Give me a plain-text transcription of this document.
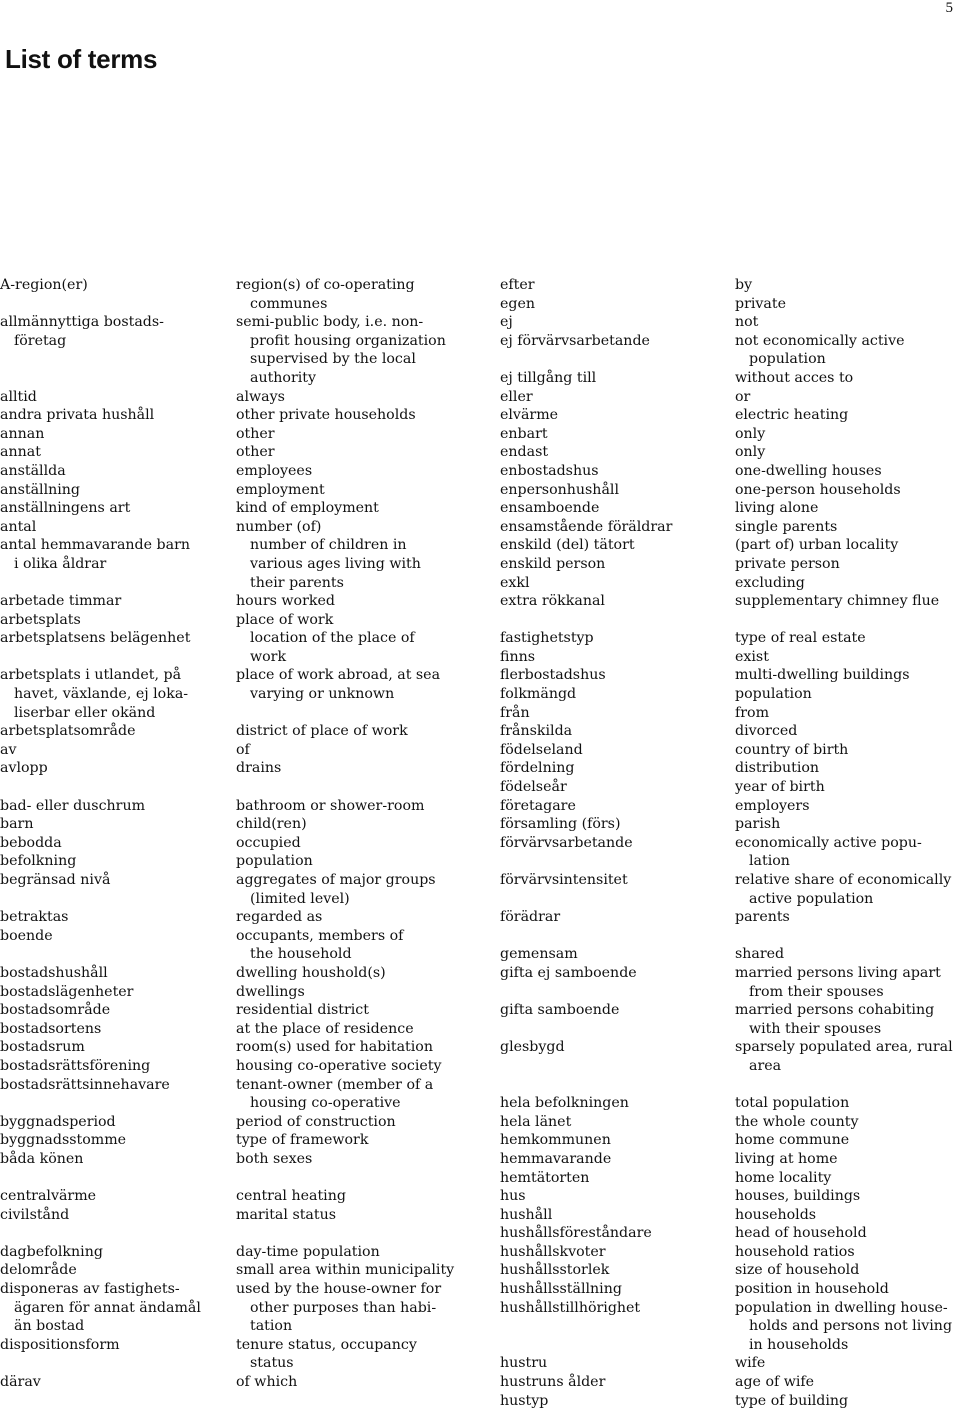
5
List of terms
A-region(er)
allmännyttiga bostads-
företag
alltid
andra privata hushåll
annan
annat
anställda
anställning
anställningens art
antal
antal hemmavarande barn
i olika åldrar
arbetade timmar
arbetsplats
arbetsplatsens belägenhet
arbetsplats i utlandet, på
havet, växlande, ej loka-
liserbar eller okänd
arbetsplatsområde
av
avlopp
bad- eller duschrum
barn
bebodda
befolkning
begränsad nivå
betraktas
boende
bostadshushåll
bostadslägenheter
bostadsområde
bostadsortens
bostadsrum
bostadsrättsförening
bostadsrättsinnehavare
byggnadsperiod
byggnadsstomme
båda könen
centralvärme
civilstånd
dagbefolkning
delområde
disponeras av fastighets-
ägaren för annat ändamål
än bostad
dispositionsform
därav
region(s) of co-operating
communes
semi-public body, i.e. non-
profit housing organization
supervised by the local
authority
always
other private households
other
other
employees
employment
kind of employment
number (of)
number of children in
various ages living with
their parents
hours worked
place of work
location of the place of
work
place of work abroad, at sea
varying or unknown
district of place of work
of
drains
bathroom or shower-room
child(ren)
occupied
population
aggregates of major groups
(limited level)
regarded as
occupants, members of
the household
dwelling houshold(s)
dwellings
residential district
at the place of residence
room(s) used for habitation
housing co-operative society
tenant-owner (member of a
housing co-operative
period of construction
type of framework
both sexes
central heating
marital status
day-time population
small area within municipality
used by the house-owner for
other purposes than habi-
tation
tenure status, occupancy
status
of which
efter
egen
ej
ej förvärvsarbetande
ej tillgång till
eller
elvärme
enbart
endast
enbostadshus
enpersonhushåll
ensamboende
ensamstående föräldrar
enskild (del) tätort
enskild person
exkl
extra rökkanal
fastighetstyp
finns
flerbostadshus
folkmängd
från
frånskilda
födelseland
fördelning
födelseår
företagare
församling (förs)
förvärvsarbetande
förvärvsintensitet
förädrar
gemensam
gifta ej samboende
gifta samboende
glesbygd
hela befolkningen
hela länet
hemkommunen
hemmavarande
hemtätorten
hus
hushåll
hushållsföreståndare
hushållskvoter
hushållsstorlek
hushållsställning
hushållstillhörighet
hustru
hustruns ålder
hustyp
by
private
not
not economically active
population
without acces to
or
electric heating
only
only
one-dwelling houses
one-person households
living alone
single parents
(part of) urban locality
private person
excluding
supplementary chimney flue
type of real estate
exist
multi-dwelling buildings
population
from
divorced
country of birth
distribution
year of birth
employers
parish
economically active popu-
lation
relative share of economically
active population
parents
shared
married persons living apart
from their spouses
married persons cohabiting
with their spouses
sparsely populated area, rural
area
total population
the whole county
home commune
living at home
home locality
houses, buildings
households
head of household
household ratios
size of household
position in household
population in dwelling house-
holds and persons not living
in households
wife
age of wife
type of building
